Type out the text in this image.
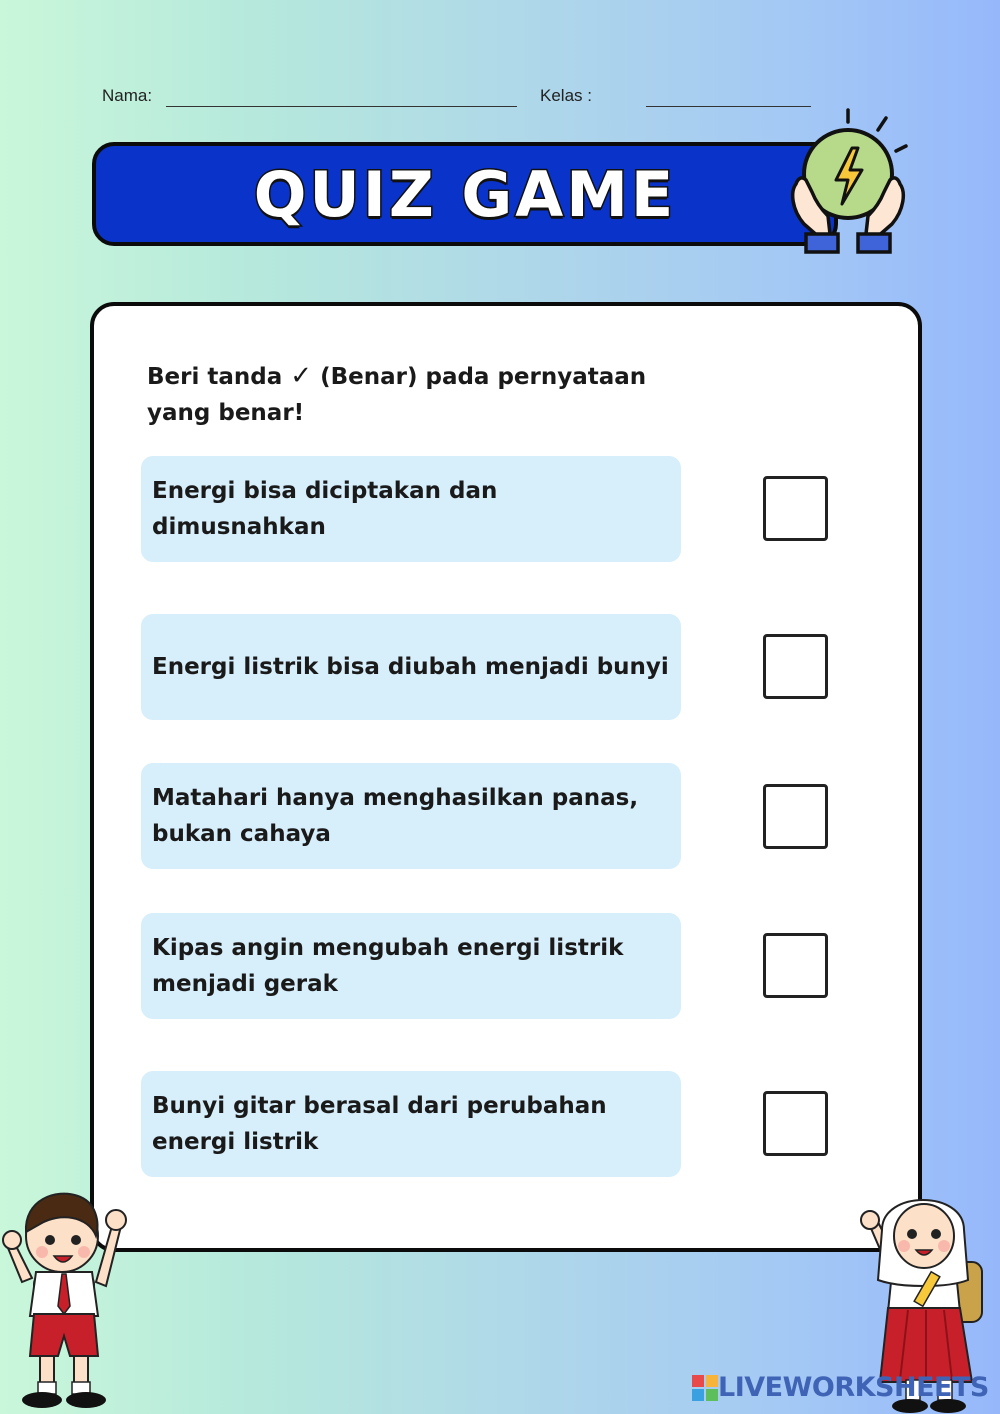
Nama:	Kelas :
QUIZ GAME
Beri tanda ✓ (Benar) pada pernyataan yang benar!
Energi bisa diciptakan dan dimusnahkan
Energi listrik bisa diubah menjadi bunyi
Matahari hanya menghasilkan panas, bukan cahaya
Kipas angin mengubah energi listrik menjadi gerak
Bunyi gitar berasal dari perubahan energi listrik
LIVEWORKSHEETS
